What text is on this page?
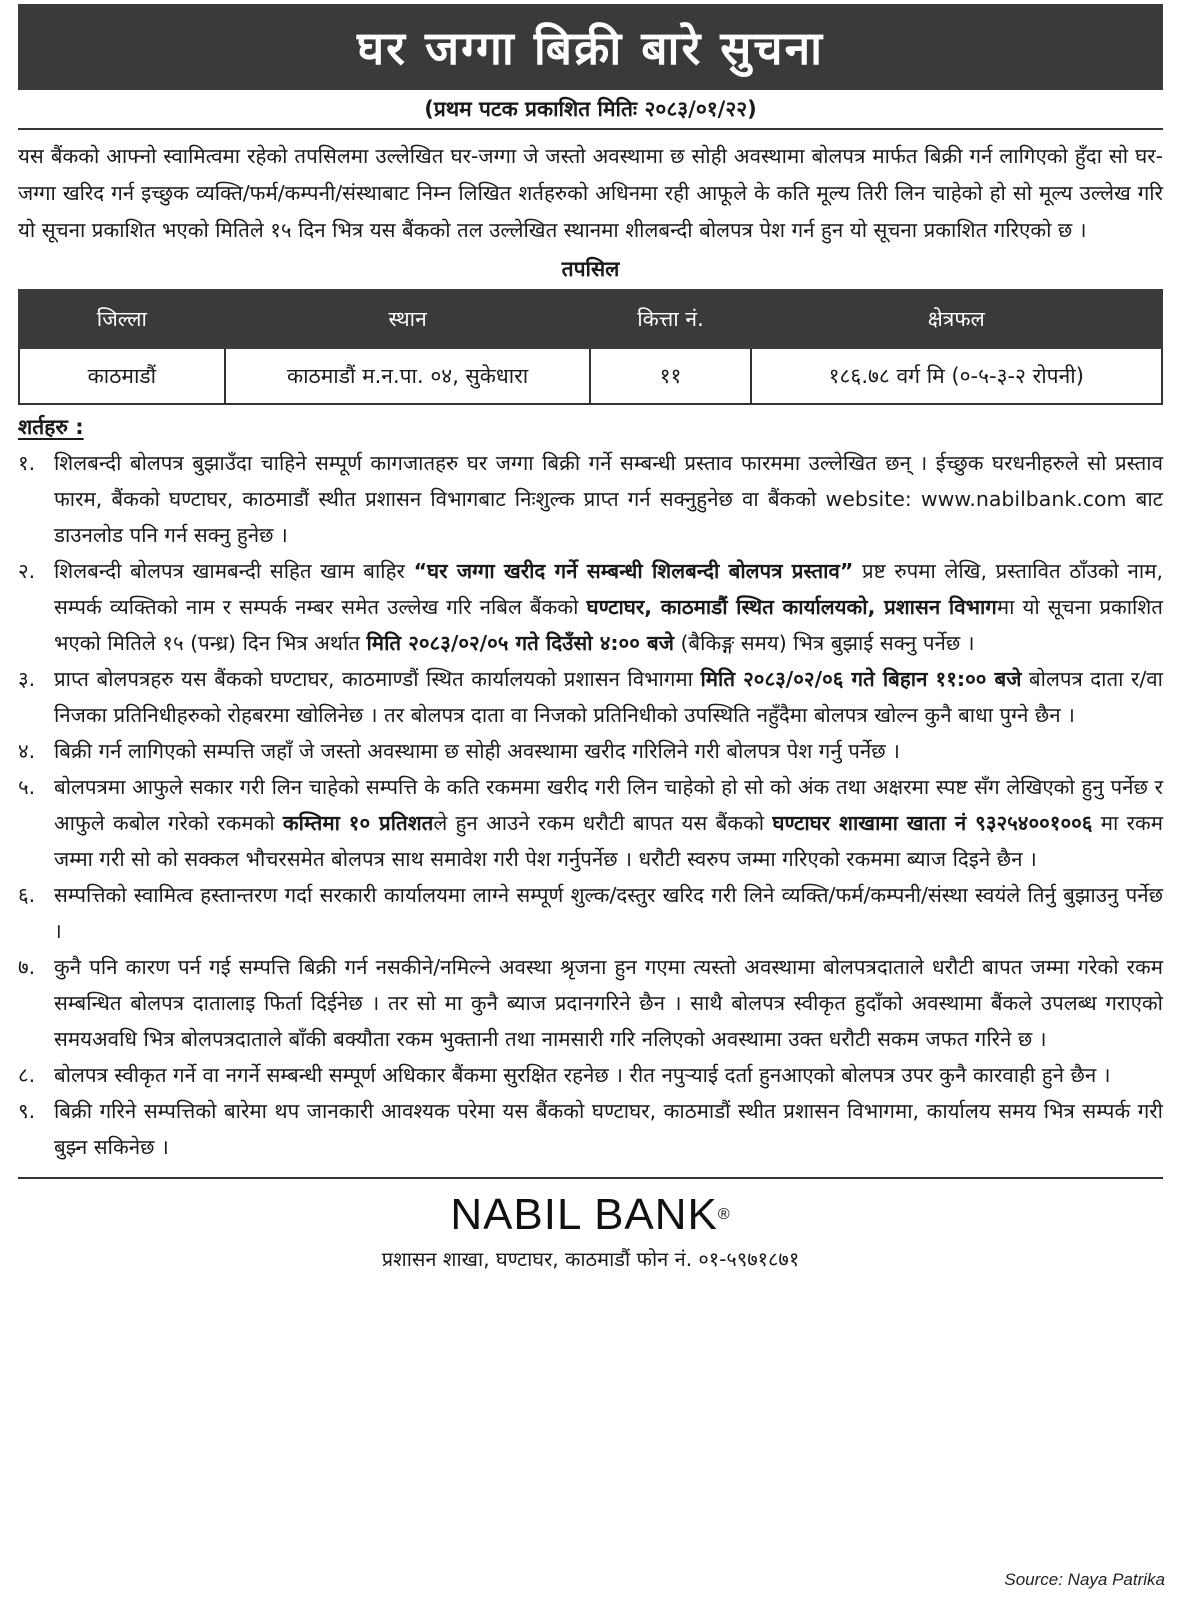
घर जग्गा बिक्री बारे सुचना
(प्रथम पटक प्रकाशित मितिः २०८३/०१/२२)

यस बैंकको आफ्नो स्वामित्वमा रहेको तपसिलमा उल्लेखित घर-जग्गा जे जस्तो अवस्थामा छ सोही अवस्थामा बोलपत्र मार्फत बिक्री गर्न लागिएको हुँदा सो घर-जग्गा खरिद गर्न इच्छुक व्यक्ति/फर्म/कम्पनी/संस्थाबाट निम्न लिखित शर्तहरुको अधिनमा रही आफूले के कति मूल्य तिरी लिन चाहेको हो सो मूल्य उल्लेख गरि यो सूचना प्रकाशित भएको मितिले १५ दिन भित्र यस बैंकको तल उल्लेखित स्थानमा शीलबन्दी बोलपत्र पेश गर्न हुन यो सूचना प्रकाशित गरिएको छ ।

तपसिल
जिल्ला	स्थान	कित्ता नं.	क्षेत्रफल
काठमाडौं	काठमाडौं म.न.पा. ०४, सुकेधारा	११	१८६.७८ वर्ग मि (०-५-३-२ रोपनी)
शर्तहरु :
१. शिलबन्दी बोलपत्र बुझाउँदा चाहिने सम्पूर्ण कागजातहरु घर जग्गा बिक्री गर्ने सम्बन्धी प्रस्ताव फारममा उल्लेखित छन् । ईच्छुक घरधनीहरुले सो प्रस्ताव फारम, बैंकको घण्टाघर, काठमाडौं स्थीत प्रशासन विभागबाट निःशुल्क प्राप्त गर्न सक्नुहुनेछ वा बैंकको website: www.nabilbank.com बाट डाउनलोड पनि गर्न सक्नु हुनेछ ।
२. शिलबन्दी बोलपत्र खामबन्दी सहित खाम बाहिर “घर जग्गा खरीद गर्ने सम्बन्धी शिलबन्दी बोलपत्र प्रस्ताव” प्रष्ट रुपमा लेखि, प्रस्तावित ठाँउको नाम, सम्पर्क व्यक्तिको नाम र सम्पर्क नम्बर समेत उल्लेख गरि नबिल बैंकको घण्टाघर, काठमाडौं स्थित कार्यालयको, प्रशासन विभागमा यो सूचना प्रकाशित भएको मितिले १५ (पन्ध्र) दिन भित्र अर्थात मिति २०८३/०२/०५ गते दिउँसो ४:०० बजे (बैकिङ्ग समय) भित्र बुझाई सक्नु पर्नेछ ।
३. प्राप्त बोलपत्रहरु यस बैंकको घण्टाघर, काठमाण्डौं स्थित कार्यालयको प्रशासन विभागमा मिति २०८३/०२/०६ गते बिहान ११:०० बजे बोलपत्र दाता र/वा निजका प्रतिनिधीहरुको रोहबरमा खोलिनेछ । तर बोलपत्र दाता वा निजको प्रतिनिधीको उपस्थिति नहुँदैमा बोलपत्र खोल्न कुनै बाधा पुग्ने छैन ।
४. बिक्री गर्न लागिएको सम्पत्ति जहाँ जे जस्तो अवस्थामा छ सोही अवस्थामा खरीद गरिलिने गरी बोलपत्र पेश गर्नु पर्नेछ ।
५. बोलपत्रमा आफुले सकार गरी लिन चाहेको सम्पत्ति के कति रकममा खरीद गरी लिन चाहेको हो सो को अंक तथा अक्षरमा स्पष्ट सँग लेखिएको हुनु पर्नेछ र आफुले कबोल गरेको रकमको कम्तिमा १० प्रतिशतले हुन आउने रकम धरौटी बापत यस बैंकको घण्टाघर शाखामा खाता नं ९३२५४००१००६ मा रकम जम्मा गरी सो को सक्कल भौचरसमेत बोलपत्र साथ समावेश गरी पेश गर्नुपर्नेछ । धरौटी स्वरुप जम्मा गरिएको रकममा ब्याज दिइने छैन ।
६. सम्पत्तिको स्वामित्व हस्तान्तरण गर्दा सरकारी कार्यालयमा लाग्ने सम्पूर्ण शुल्क/दस्तुर खरिद गरी लिने व्यक्ति/फर्म/कम्पनी/संस्था स्वयंले तिर्नु बुझाउनु पर्नेछ ।
७. कुनै पनि कारण पर्न गई सम्पत्ति बिक्री गर्न नसकीने/नमिल्ने अवस्था श्रृजना हुन गएमा त्यस्तो अवस्थामा बोलपत्रदाताले धरौटी बापत जम्मा गरेको रकम सम्बन्धित बोलपत्र दातालाइ फिर्ता दिईनेछ । तर सो मा कुनै ब्याज प्रदानगरिने छैन । साथै बोलपत्र स्वीकृत हुदाँको अवस्थामा बैंकले उपलब्ध गराएको समयअवधि भित्र बोलपत्रदाताले बाँकी बक्यौता रकम भुक्तानी तथा नामसारी गरि नलिएको अवस्थामा उक्त धरौटी सकम जफत गरिने छ ।
८. बोलपत्र स्वीकृत गर्ने वा नगर्ने सम्बन्धी सम्पूर्ण अधिकार बैंकमा सुरक्षित रहनेछ । रीत नपुऱ्याई दर्ता हुनआएको बोलपत्र उपर कुनै कारवाही हुने छैन ।
९. बिक्री गरिने सम्पत्तिको बारेमा थप जानकारी आवश्यक परेमा यस बैंकको घण्टाघर, काठमाडौं स्थीत प्रशासन विभागमा, कार्यालय समय भित्र सम्पर्क गरी बुझ्न सकिनेछ ।
NABIL BANK®
प्रशासन शाखा, घण्टाघर, काठमाडौं फोन नं. ०१-५९७१८७१
Source: Naya Patrika
